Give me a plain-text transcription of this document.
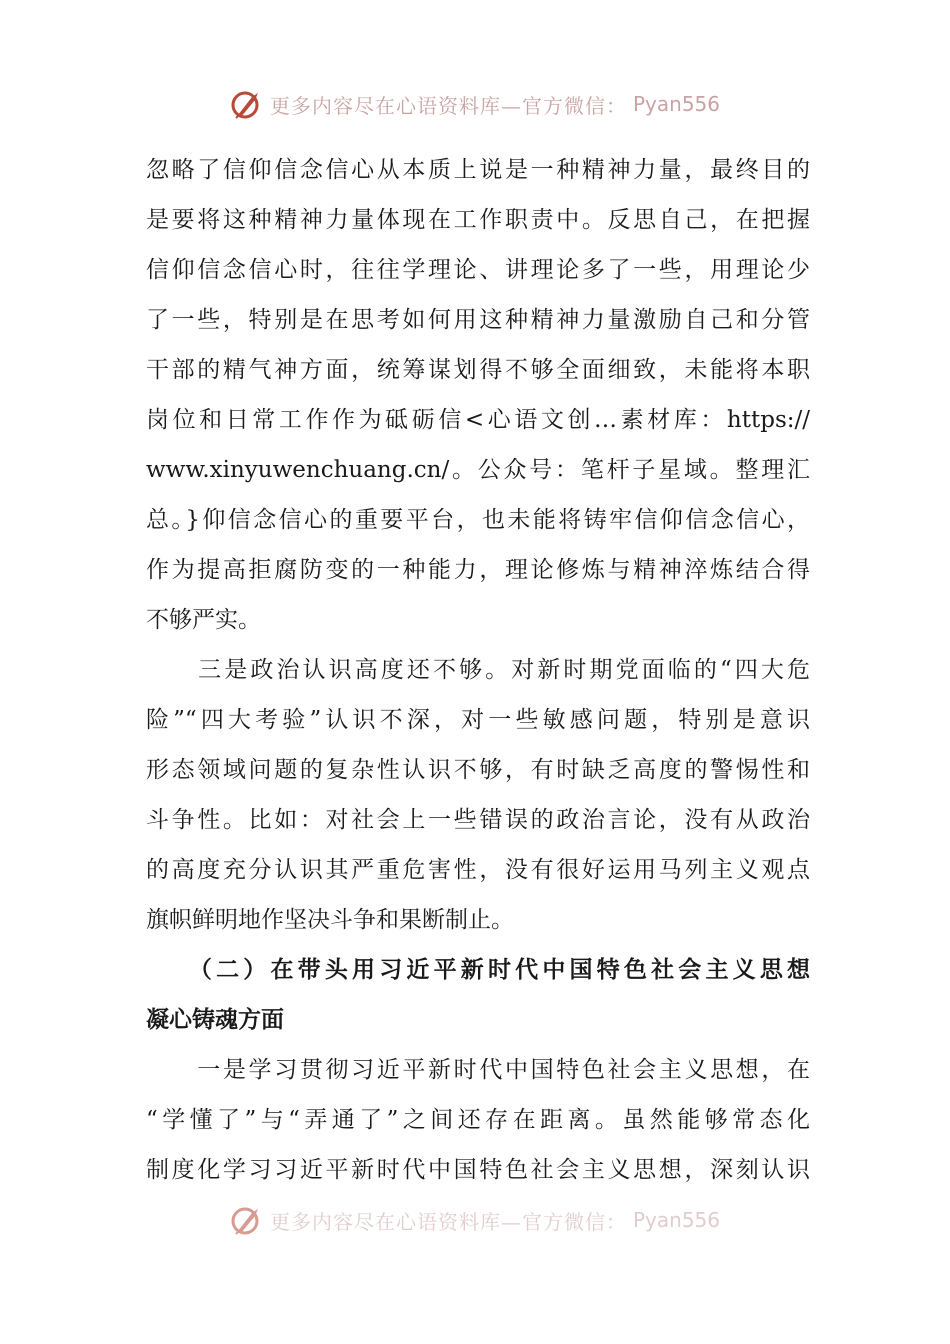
更多内容尽在心语资料库—官方微信： Pyan556
忽略了信仰信念信心从本质上说是一种精神力量，最终目的
是要将这种精神力量体现在工作职责中。反思自己，在把握
信仰信念信心时，往往学理论、讲理论多了一些，用理论少
了一些，特别是在思考如何用这种精神力量激励自己和分管
干部的精气神方面，统筹谋划得不够全面细致，未能将本职
岗位和日常工作作为砥砺信<心语文创…素材库：https://
www.xinyuwenchuang.cn/。公众号：笔杆子星域。整理汇
总。}仰信念信心的重要平台，也未能将铸牢信仰信念信心，
作为提高拒腐防变的一种能力，理论修炼与精神淬炼结合得
不够严实。
　　三是政治认识高度还不够。对新时期党面临的“四大危
险”“四大考验”认识不深，对一些敏感问题，特别是意识
形态领域问题的复杂性认识不够，有时缺乏高度的警惕性和
斗争性。比如：对社会上一些错误的政治言论，没有从政治
的高度充分认识其严重危害性，没有很好运用马列主义观点
旗帜鲜明地作坚决斗争和果断制止。
　　（二）在带头用习近平新时代中国特色社会主义思想
凝心铸魂方面
　　一是学习贯彻习近平新时代中国特色社会主义思想，在
“学懂了”与“弄通了”之间还存在距离。虽然能够常态化
制度化学习习近平新时代中国特色社会主义思想，深刻认识
更多内容尽在心语资料库—官方微信： Pyan556
